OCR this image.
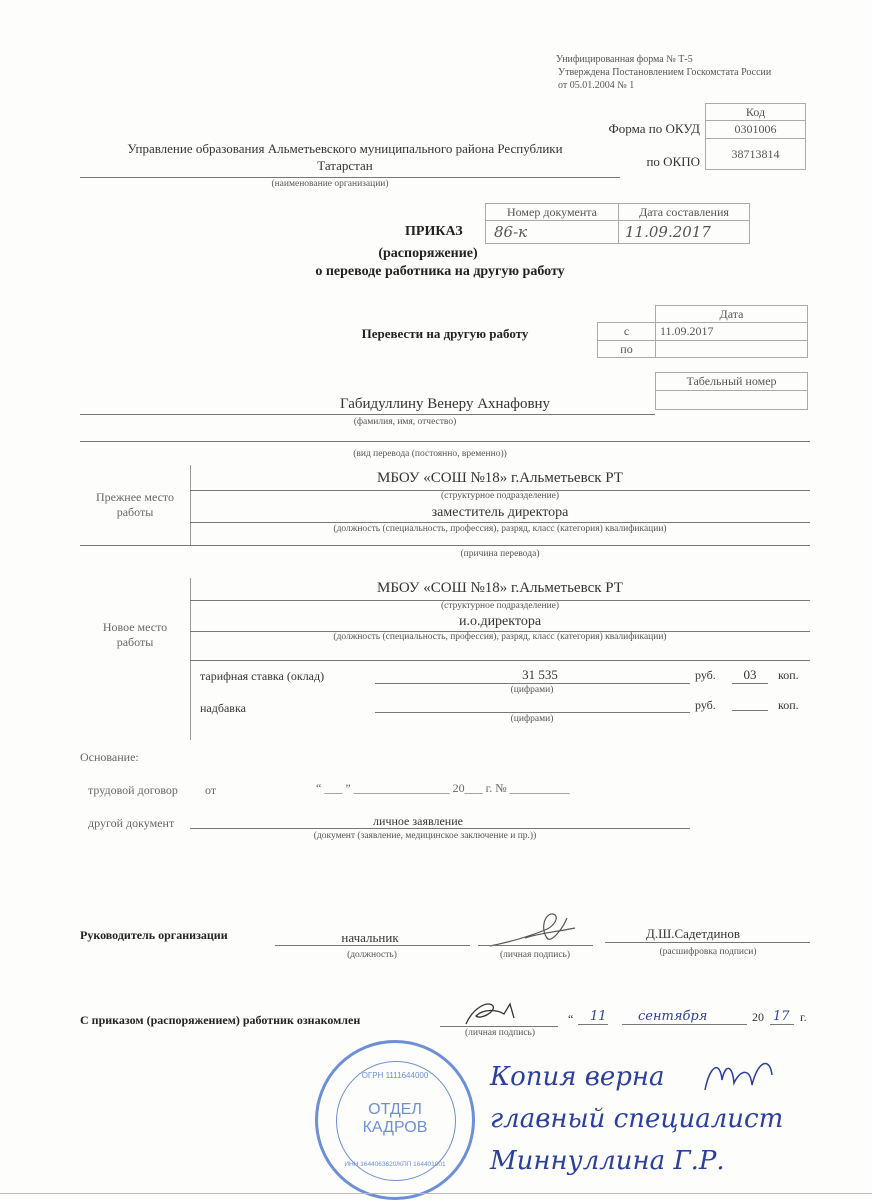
Унифицированная форма № Т-5
Утверждена Постановлением Госкомстата России
от 05.01.2004 № 1
Код
0301006
38713814
Форма по ОКУД
по ОКПО
Управление образования Альметьевского муниципального района Республики
Татарстан
(наименование организации)
Номер документа	Дата составления
86-к	11.09.2017
ПРИКАЗ
(распоряжение)
о переводе работника на другую работу
Перевести на другую работу
Дата
с	11.09.2017
по
Табельный номер
Габидуллину Венеру Ахнафовну
(фамилия, имя, отчество)
(вид перевода (постоянно, временно))
Прежнее место работы
МБОУ «СОШ №18» г.Альметьевск РТ
(структурное подразделение)
заместитель директора
(должность (специальность, профессия), разряд, класс (категория) квалификации)
(причина перевода)
Новое место работы
МБОУ «СОШ №18» г.Альметьевск РТ
(структурное подразделение)
и.о.директора
(должность (специальность, профессия), разряд, класс (категория) квалификации)
тарифная ставка (оклад)	31 535	руб. 03 коп.
(цифрами)
надбавка	руб.	коп.
(цифрами)
Основание:
трудовой договор от	“ ___ ” ________________ 20___ г. № __________
другой документ	личное заявление
(документ (заявление, медицинское заключение и пр.))
Руководитель организации	начальник
(должность)	(личная подпись)
Д.Ш.Садетдинов
(расшифровка подписи)
С приказом (распоряжением) работник ознакомлен
(личная подпись)
“ 11 сентября	20 17 г.
ОГРН 1111644000
ОТДЕЛ КАДРОВ
ИНН 1644063620/КПП 164401001
Копия верна
главный специалист
Миннуллина Г.Р.
